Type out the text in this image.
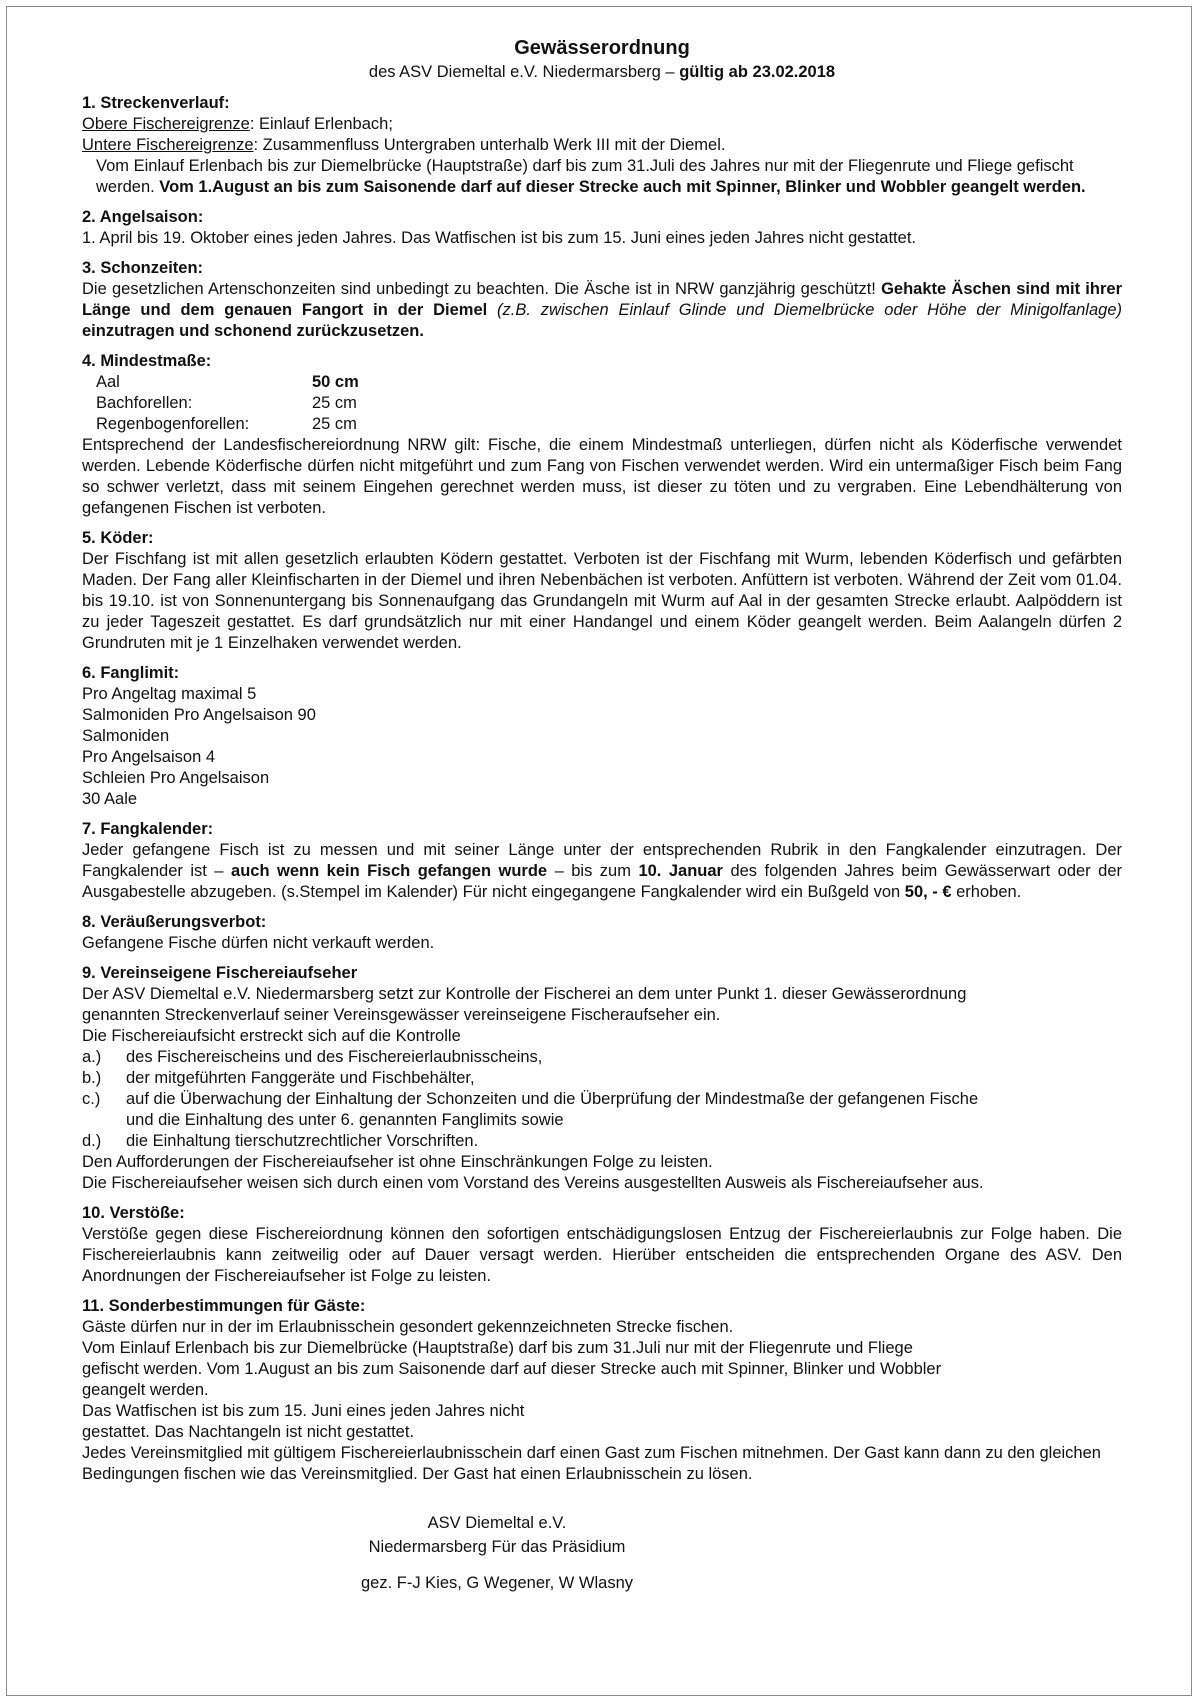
Gewässerordnung
des ASV Diemeltal e.V. Niedermarsberg – gültig ab 23.02.2018
1. Streckenverlauf:
Obere Fischereigrenze: Einlauf Erlenbach;
Untere Fischereigrenze: Zusammenfluss Untergraben unterhalb Werk III mit der Diemel.
Vom Einlauf Erlenbach bis zur Diemelbrücke (Hauptstraße) darf bis zum 31.Juli des Jahres nur mit der Fliegenrute und Fliege gefischt werden. Vom 1.August an bis zum Saisonende darf auf dieser Strecke auch mit Spinner, Blinker und Wobbler geangelt werden.
2. Angelsaison:
1. April bis 19. Oktober eines jeden Jahres. Das Watfischen ist bis zum 15. Juni eines jeden Jahres nicht gestattet.
3. Schonzeiten:
Die gesetzlichen Artenschonzeiten sind unbedingt zu beachten. Die Äsche ist in NRW ganzjährig geschützt! Gehakte Äschen sind mit ihrer Länge und dem genauen Fangort in der Diemel (z.B. zwischen Einlauf Glinde und Diemelbrücke oder Höhe der Minigolfanlage) einzutragen und schonend zurückzusetzen.
4. Mindestmaße:
Aal	50 cm
Bachforellen:	25 cm
Regenbogenforellen:	25 cm
Entsprechend der Landesfischereiordnung NRW gilt: Fische, die einem Mindestmaß unterliegen, dürfen nicht als Köderfische verwendet werden. Lebende Köderfische dürfen nicht mitgeführt und zum Fang von Fischen verwendet werden. Wird ein untermaßiger Fisch beim Fang so schwer verletzt, dass mit seinem Eingehen gerechnet werden muss, ist dieser zu töten und zu vergraben. Eine Lebendhälterung von gefangenen Fischen ist verboten.
5. Köder:
Der Fischfang ist mit allen gesetzlich erlaubten Ködern gestattet. Verboten ist der Fischfang mit Wurm, lebenden Köderfisch und gefärbten Maden. Der Fang aller Kleinfischarten in der Diemel und ihren Nebenbächen ist verboten. Anfüttern ist verboten. Während der Zeit vom 01.04. bis 19.10. ist von Sonnenuntergang bis Sonnenaufgang das Grundangeln mit Wurm auf Aal in der gesamten Strecke erlaubt. Aalpöddern ist zu jeder Tageszeit gestattet. Es darf grundsätzlich nur mit einer Handangel und einem Köder geangelt werden. Beim Aalangeln dürfen 2 Grundruten mit je 1 Einzelhaken verwendet werden.
6. Fanglimit:
Pro Angeltag maximal 5
Salmoniden Pro Angelsaison 90
Salmoniden
Pro Angelsaison 4
Schleien Pro Angelsaison
30 Aale
7. Fangkalender:
Jeder gefangene Fisch ist zu messen und mit seiner Länge unter der entsprechenden Rubrik in den Fangkalender einzutragen. Der Fangkalender ist – auch wenn kein Fisch gefangen wurde – bis zum 10. Januar des folgenden Jahres beim Gewässerwart oder der Ausgabestelle abzugeben. (s.Stempel im Kalender) Für nicht eingegangene Fangkalender wird ein Bußgeld von 50, - € erhoben.
8. Veräußerungsverbot:
Gefangene Fische dürfen nicht verkauft werden.
9. Vereinseigene Fischereiaufseher
Der ASV Diemeltal e.V. Niedermarsberg setzt zur Kontrolle der Fischerei an dem unter Punkt 1. dieser Gewässerordnung genannten Streckenverlauf seiner Vereinsgewässer vereinseigene Fischeraufseher ein.
Die Fischereiaufsicht erstreckt sich auf die Kontrolle
a.)	des Fischereischeins und des Fischereierlaubnisscheins,
b.)	der mitgeführten Fanggeräte und Fischbehälter,
c.)	auf die Überwachung der Einhaltung der Schonzeiten und die Überprüfung der Mindestmaße der gefangenen Fische und die Einhaltung des unter 6. genannten Fanglimits sowie
d.)	die Einhaltung tierschutzrechtlicher Vorschriften.
Den Aufforderungen der Fischereiaufseher ist ohne Einschränkungen Folge zu leisten.
Die Fischereiaufseher weisen sich durch einen vom Vorstand des Vereins ausgestellten Ausweis als Fischereiaufseher aus.
10. Verstöße:
Verstöße gegen diese Fischereiordnung können den sofortigen entschädigungslosen Entzug der Fischereierlaubnis zur Folge haben. Die Fischereierlaubnis kann zeitweilig oder auf Dauer versagt werden. Hierüber entscheiden die entsprechenden Organe des ASV. Den Anordnungen der Fischereiaufseher ist Folge zu leisten.
11. Sonderbestimmungen für Gäste:
Gäste dürfen nur in der im Erlaubnisschein gesondert gekennzeichneten Strecke fischen.
Vom Einlauf Erlenbach bis zur Diemelbrücke (Hauptstraße) darf bis zum 31.Juli nur mit der Fliegenrute und Fliege
gefischt werden. Vom 1.August an bis zum Saisonende darf auf dieser Strecke auch mit Spinner, Blinker und Wobbler
geangelt werden.
Das Watfischen ist bis zum 15. Juni eines jeden Jahres nicht
gestattet. Das Nachtangeln ist nicht gestattet.
Jedes Vereinsmitglied mit gültigem Fischereierlaubnisschein darf einen Gast zum Fischen mitnehmen. Der Gast kann dann zu den gleichen Bedingungen fischen wie das Vereinsmitglied. Der Gast hat einen Erlaubnisschein zu lösen.
ASV Diemeltal e.V.
Niedermarsberg Für das Präsidium
gez. F-J Kies, G Wegener, W Wlasny
